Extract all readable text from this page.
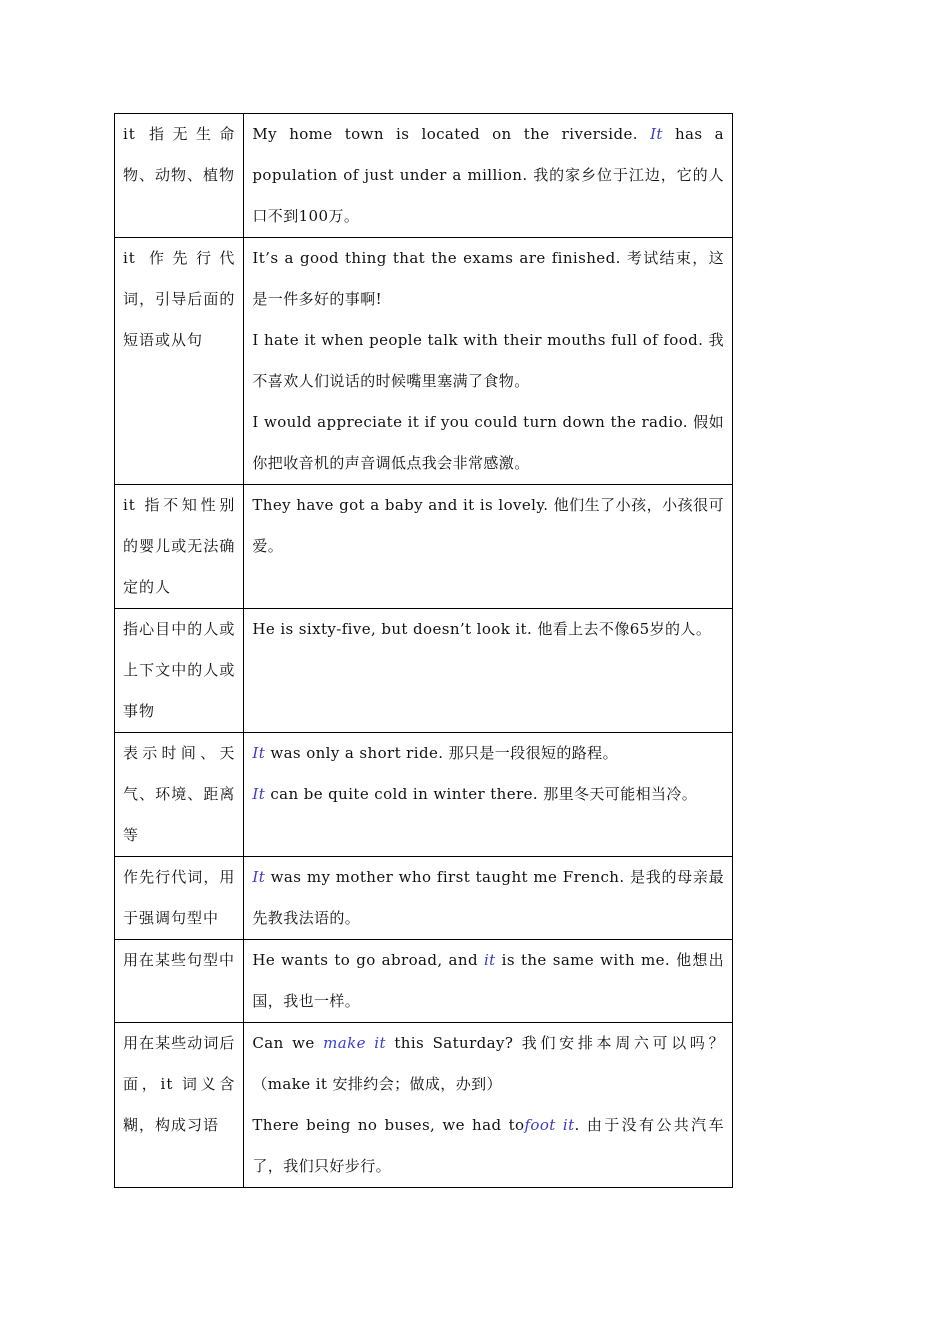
it 指无生命物、动物、植物	My home town is located on the riverside. It has a population of just under a million. 我的家乡位于江边，它的人口不到100万。

it 作先行代词，引导后面的短语或从句	It’s a good thing that the exams are finished. 考试结束，这是一件多好的事啊!
I hate it when people talk with their mouths full of food. 我不喜欢人们说话的时候嘴里塞满了食物。
I would appreciate it if you could turn down the radio. 假如你把收音机的声音调低点我会非常感激。

it 指不知性别的婴儿或无法确定的人	They have got a baby and it is lovely. 他们生了小孩，小孩很可爱。

指心目中的人或上下文中的人或事物	He is sixty-five, but doesn’t look it. 他看上去不像65岁的人。

表示时间、天气、环境、距离等	It was only a short ride. 那只是一段很短的路程。
It can be quite cold in winter there. 那里冬天可能相当冷。

作先行代词，用于强调句型中	It was my mother who first taught me French. 是我的母亲最先教我法语的。

用在某些句型中	He wants to go abroad, and it is the same with me. 他想出国，我也一样。

用在某些动词后面，it 词义含糊，构成习语	Can we make it this Saturday? 我们安排本周六可以吗？（make it 安排约会；做成，办到）
There being no buses, we had tofoot it. 由于没有公共汽车了，我们只好步行。
